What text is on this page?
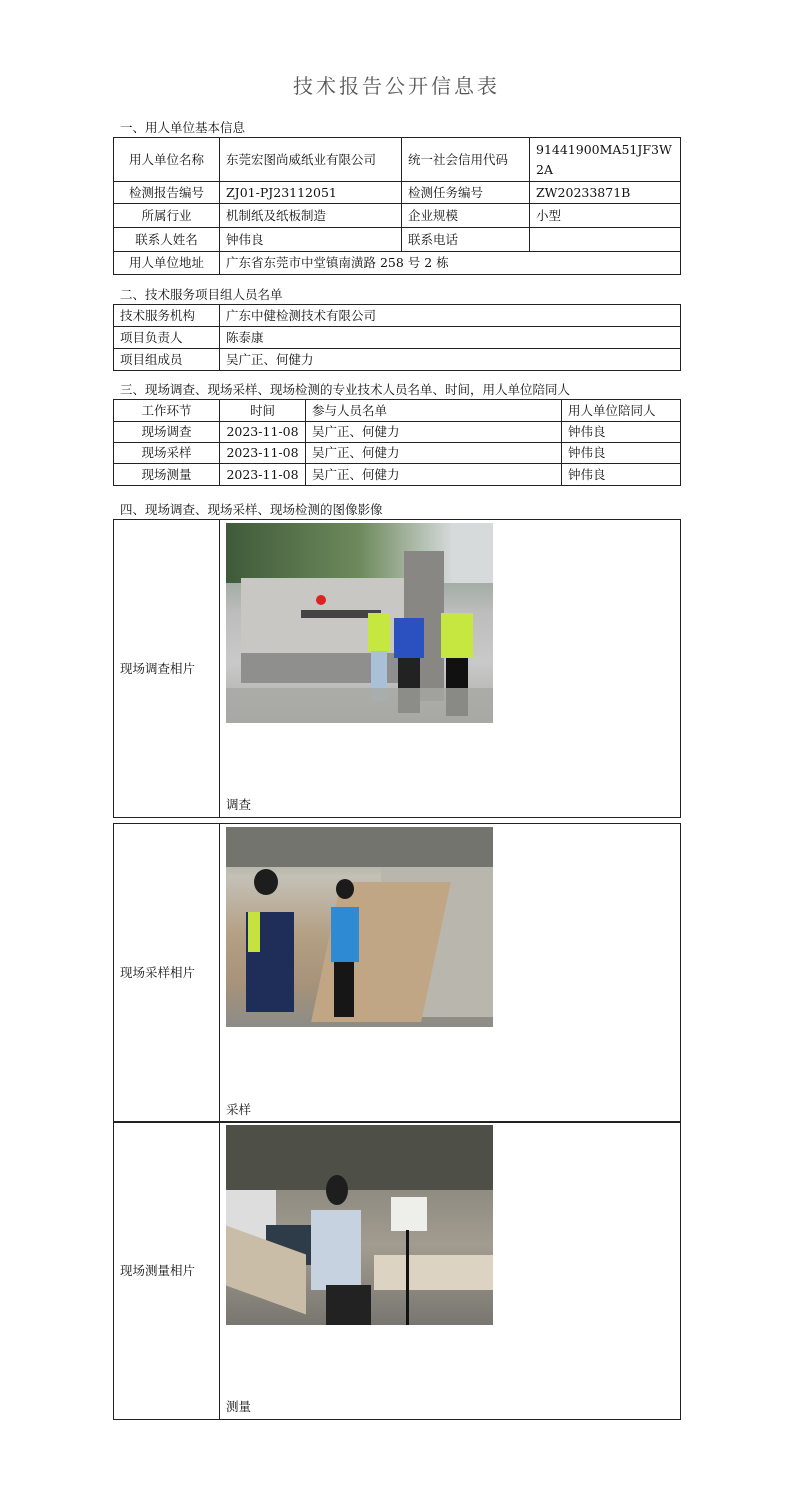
技术报告公开信息表
一、用人单位基本信息
用人单位名称	东莞宏图尚威纸业有限公司	统一社会信用代码	91441900MA51JF3W2A
检测报告编号	ZJ01-PJ23112051	检测任务编号	ZW20233871B
所属行业	机制纸及纸板制造	企业规模	小型
联系人姓名	钟伟良	联系电话	
用人单位地址	广东省东莞市中堂镇南潢路 258 号 2 栋		
二、技术服务项目组人员名单
技术服务机构	广东中健检测技术有限公司
项目负责人	陈泰康
项目组成员	吴广正、何健力
三、现场调查、现场采样、现场检测的专业技术人员名单、时间，用人单位陪同人
工作环节	时间	参与人员名单	用人单位陪同人
现场调查	2023-11-08	吴广正、何健力	钟伟良
现场采样	2023-11-08	吴广正、何健力	钟伟良
现场测量	2023-11-08	吴广正、何健力	钟伟良
四、现场调查、现场采样、现场检测的图像影像
现场调查相片	
调查
现场采样相片	
采样
现场测量相片	
测量
